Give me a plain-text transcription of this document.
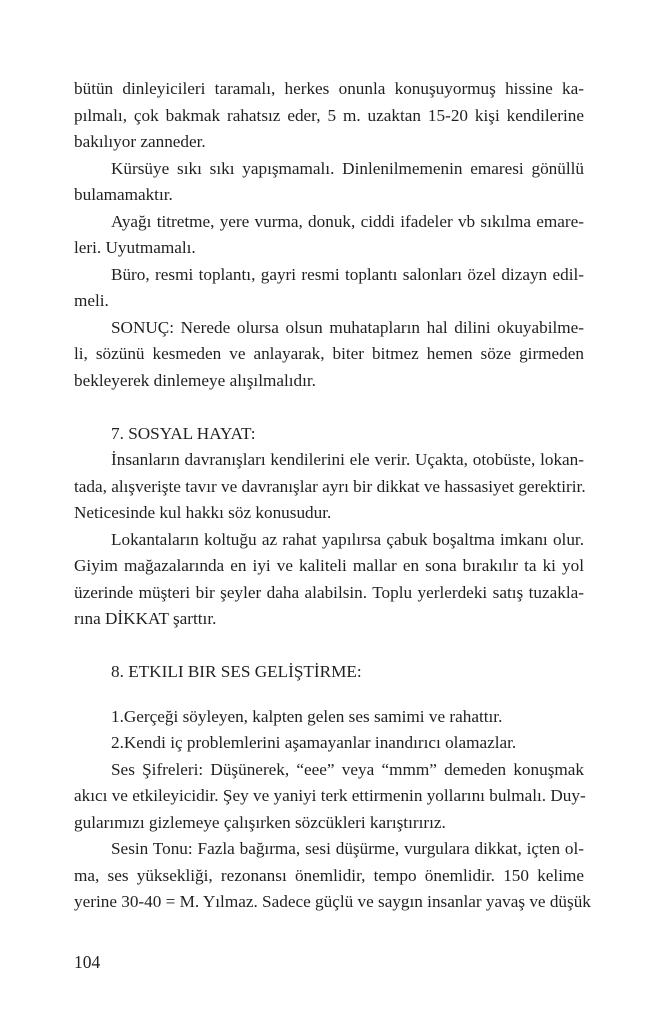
bütün dinleyicileri taramalı, herkes onunla konuşuyormuş hissine ka-
pılmalı, çok bakmak rahatsız eder, 5 m. uzaktan 15-20 kişi kendilerine
bakılıyor zanneder.
Kürsüye sıkı sıkı yapışmamalı. Dinlenilmemenin emaresi gönüllü
bulamamaktır.
Ayağı titretme, yere vurma, donuk, ciddi ifadeler vb sıkılma emare-
leri. Uyutmamalı.
Büro, resmi toplantı, gayri resmi toplantı salonları özel dizayn edil-
meli.
SONUÇ: Nerede olursa olsun muhatapların hal dilini okuyabilme-
li, sözünü kesmeden ve anlayarak, biter bitmez hemen söze girmeden
bekleyerek dinlemeye alışılmalıdır.
7. SOSYAL HAYAT:
İnsanların davranışları kendilerini ele verir. Uçakta, otobüste, lokan-
tada, alışverişte tavır ve davranışlar ayrı bir dikkat ve hassasiyet gerektirir.
Neticesinde kul hakkı söz konusudur.
Lokantaların koltuğu az rahat yapılırsa çabuk boşaltma imkanı olur.
Giyim mağazalarında en iyi ve kaliteli mallar en sona bırakılır ta ki yol
üzerinde müşteri bir şeyler daha alabilsin. Toplu yerlerdeki satış tuzakla-
rına DİKKAT şarttır.
8. ETKILI BIR SES GELİŞTİRME:
1.Gerçeği söyleyen, kalpten gelen ses samimi ve rahattır.
2.Kendi iç problemlerini aşamayanlar inandırıcı olamazlar.
Ses Şifreleri: Düşünerek, “eee” veya “mmm” demeden konuşmak
akıcı ve etkileyicidir. Şey ve yaniyi terk ettirmenin yollarını bulmalı. Duy-
gularımızı gizlemeye çalışırken sözcükleri karıştırırız.
Sesin Tonu: Fazla bağırma, sesi düşürme, vurgulara dikkat, içten ol-
ma, ses yüksekliği, rezonansı önemlidir, tempo önemlidir. 150 kelime
yerine 30-40 = M. Yılmaz. Sadece güçlü ve saygın insanlar yavaş ve düşük
104
